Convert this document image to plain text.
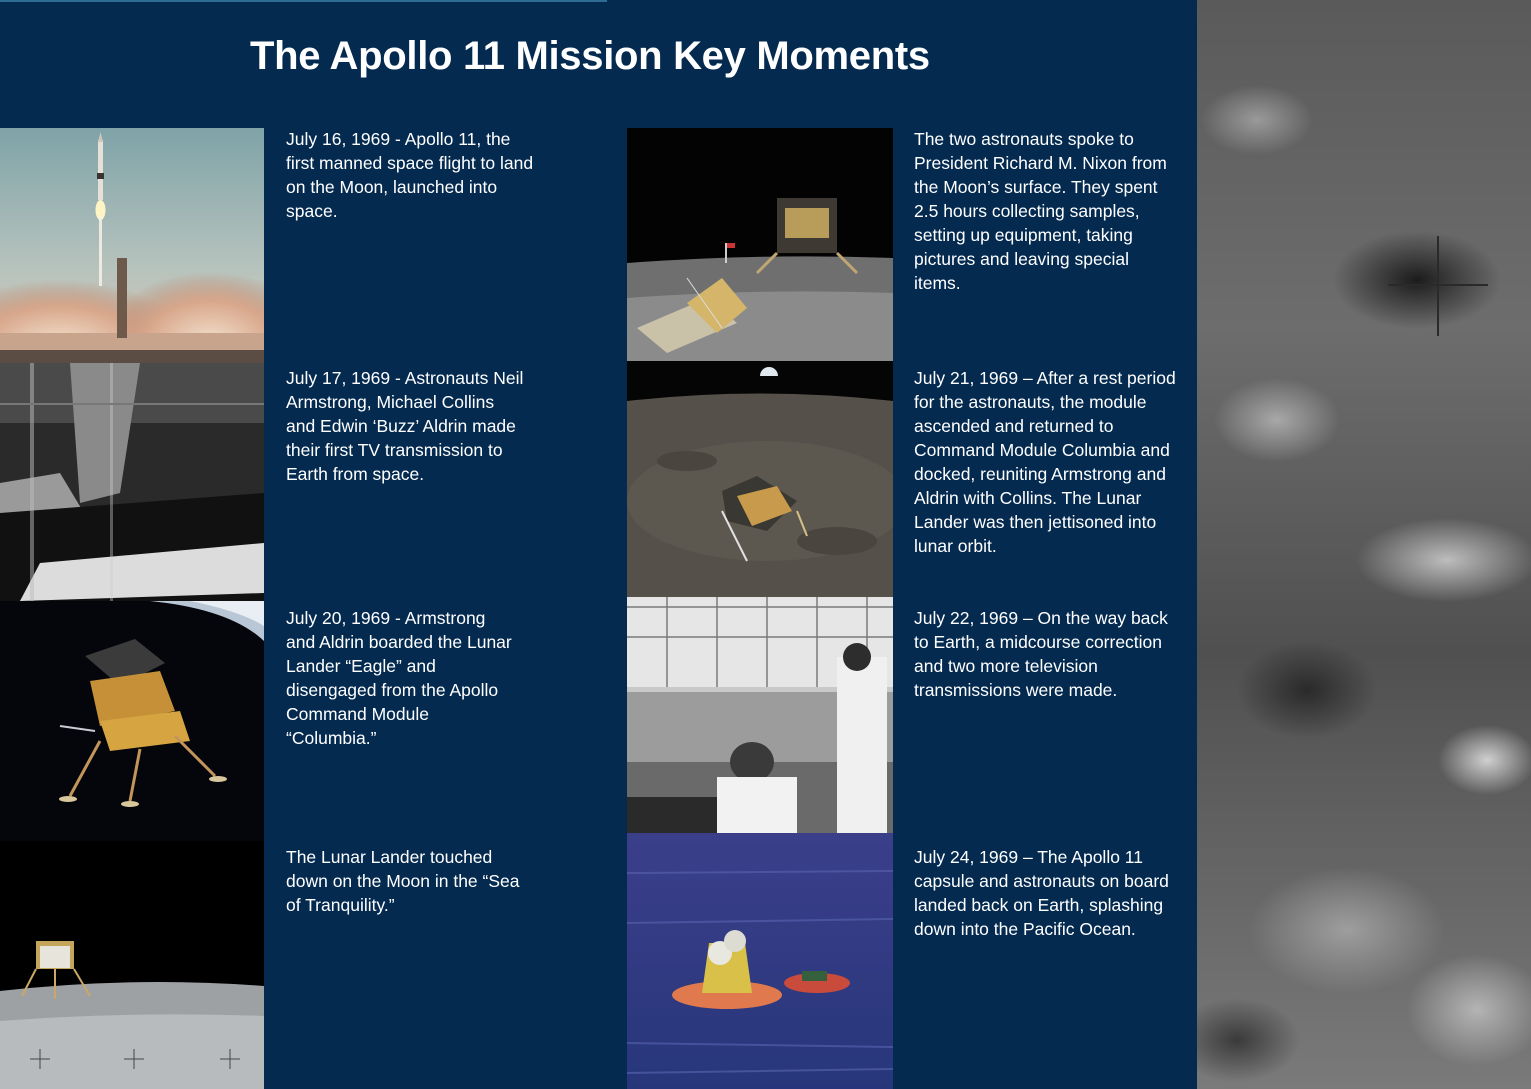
The Apollo 11 Mission Key Moments

July 16, 1969 - Apollo 11, the first manned space flight to land on the Moon, launched into space.

July 17, 1969 - Astronauts Neil Armstrong, Michael Collins and Edwin ‘Buzz’ Aldrin made their first TV transmission to Earth from space.

July 20, 1969 - Armstrong and Aldrin boarded the Lunar Lander “Eagle” and disengaged from the Apollo Command Module “Columbia.”

The Lunar Lander touched down on the Moon in the “Sea of Tranquility.”

The two astronauts spoke to President Richard M. Nixon from the Moon’s surface. They spent 2.5 hours collecting samples, setting up equipment, taking pictures and leaving special items.

July 21, 1969 – After a rest period for the astronauts, the module ascended and returned to Command Module Columbia and docked, reuniting Armstrong and Aldrin with Collins. The Lunar Lander was then jettisoned into lunar orbit.

July 22, 1969 – On the way back to Earth, a midcourse correction and two more television transmissions were made.

July 24, 1969 – The Apollo 11 capsule and astronauts on board landed back on Earth, splashing down into the Pacific Ocean.
